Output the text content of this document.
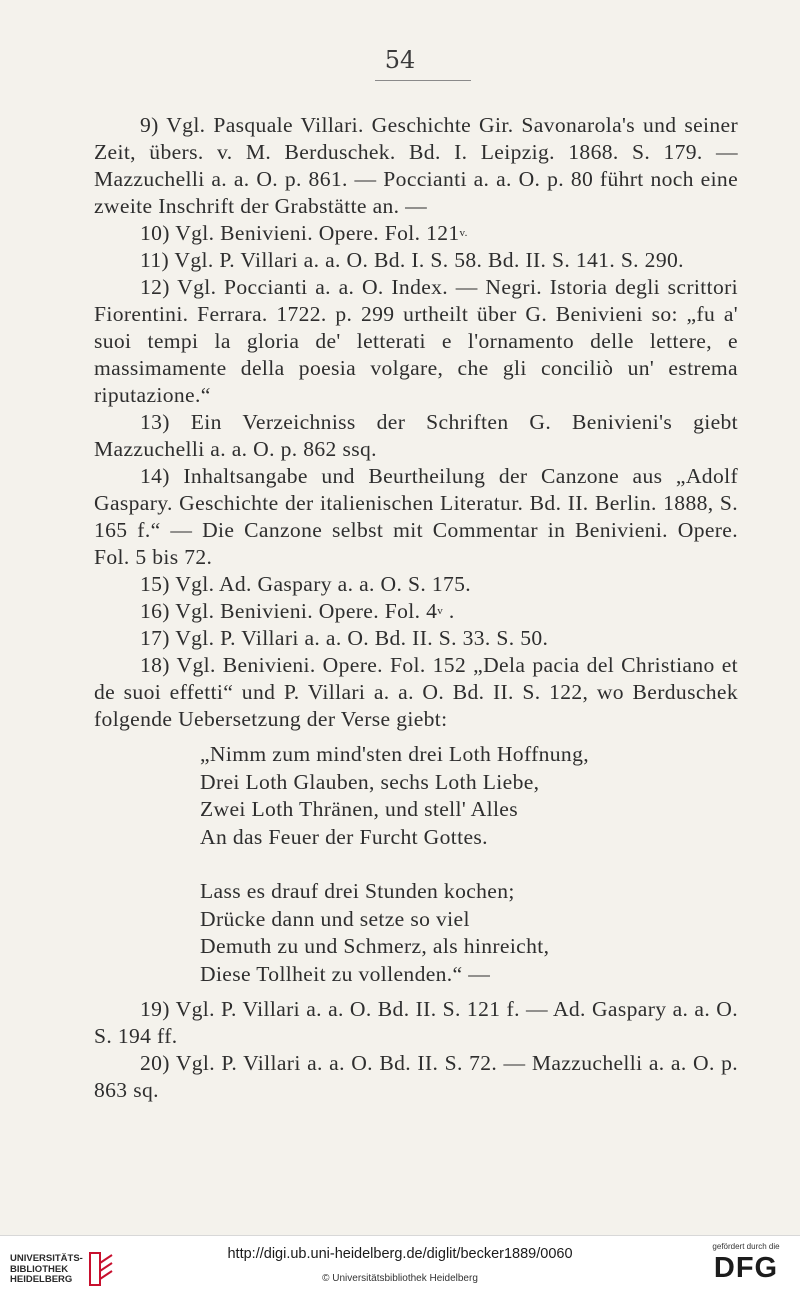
54
9) Vgl. Pasquale Villari. Geschichte Gir. Savonarola's und seiner Zeit, übers. v. M. Berduschek. Bd. I. Leipzig. 1868. S. 179. — Mazzuchelli a. a. O. p. 861. — Poccianti a. a. O. p. 80 führt noch eine zweite Inschrift der Grabstätte an. —
10) Vgl. Benivieni. Opere. Fol. $121^{v.}$
11) Vgl. P. Villari a. a. O. Bd. I. S. 58. Bd. II. S. 141. S. 290.
12) Vgl. Poccianti a. a. O. Index. — Negri. Istoria degli scrittori Fiorentini. Ferrara. 1722. p. 299 urtheilt über G. Benivieni so: „fu a' suoi tempi la gloria de' letterati e l'ornamento delle lettere, e massimamente della poesia volgare, che gli conciliò un' estrema riputazione.“
13) Ein Verzeichniss der Schriften G. Benivieni's giebt Mazzuchelli a. a. O. p. 862 ssq.
14) Inhaltsangabe und Beurtheilung der Canzone aus „Adolf Gaspary. Geschichte der italienischen Literatur. Bd. II. Berlin. 1888, S. 165 f.“ — Die Canzone selbst mit Commentar in Benivieni. Opere. Fol. 5 bis 72.
15) Vgl. Ad. Gaspary a. a. O. S. 175.
16) Vgl. Benivieni. Opere. Fol. 4$^v$ .
17) Vgl. P. Villari a. a. O. Bd. II. S. 33. S. 50.
18) Vgl. Benivieni. Opere. Fol. 152 „Dela pacia del Christiano et de suoi effetti“ und P. Villari a. a. O. Bd. II. S. 122, wo Berduschek folgende Uebersetzung der Verse giebt:
„Nimm zum mind'sten drei Loth Hoffnung,
Drei Loth Glauben, sechs Loth Liebe,
Zwei Loth Thränen, und stell' Alles
An das Feuer der Furcht Gottes.
Lass es drauf drei Stunden kochen;
Drücke dann und setze so viel
Demuth zu und Schmerz, als hinreicht,
Diese Tollheit zu vollenden.“ —
19) Vgl. P. Villari a. a. O. Bd. II. S. 121 f. — Ad. Gaspary a. a. O. S. 194 ff.
20) Vgl. P. Villari a. a. O. Bd. II. S. 72. — Mazzuchelli a. a. O. p. 863 sq.
UNIVERSITÄTS-
BIBLIOTHEK
HEIDELBERG
http://digi.ub.uni-heidelberg.de/diglit/becker1889/0060
© Universitätsbibliothek Heidelberg
gefördert durch die
DFG
